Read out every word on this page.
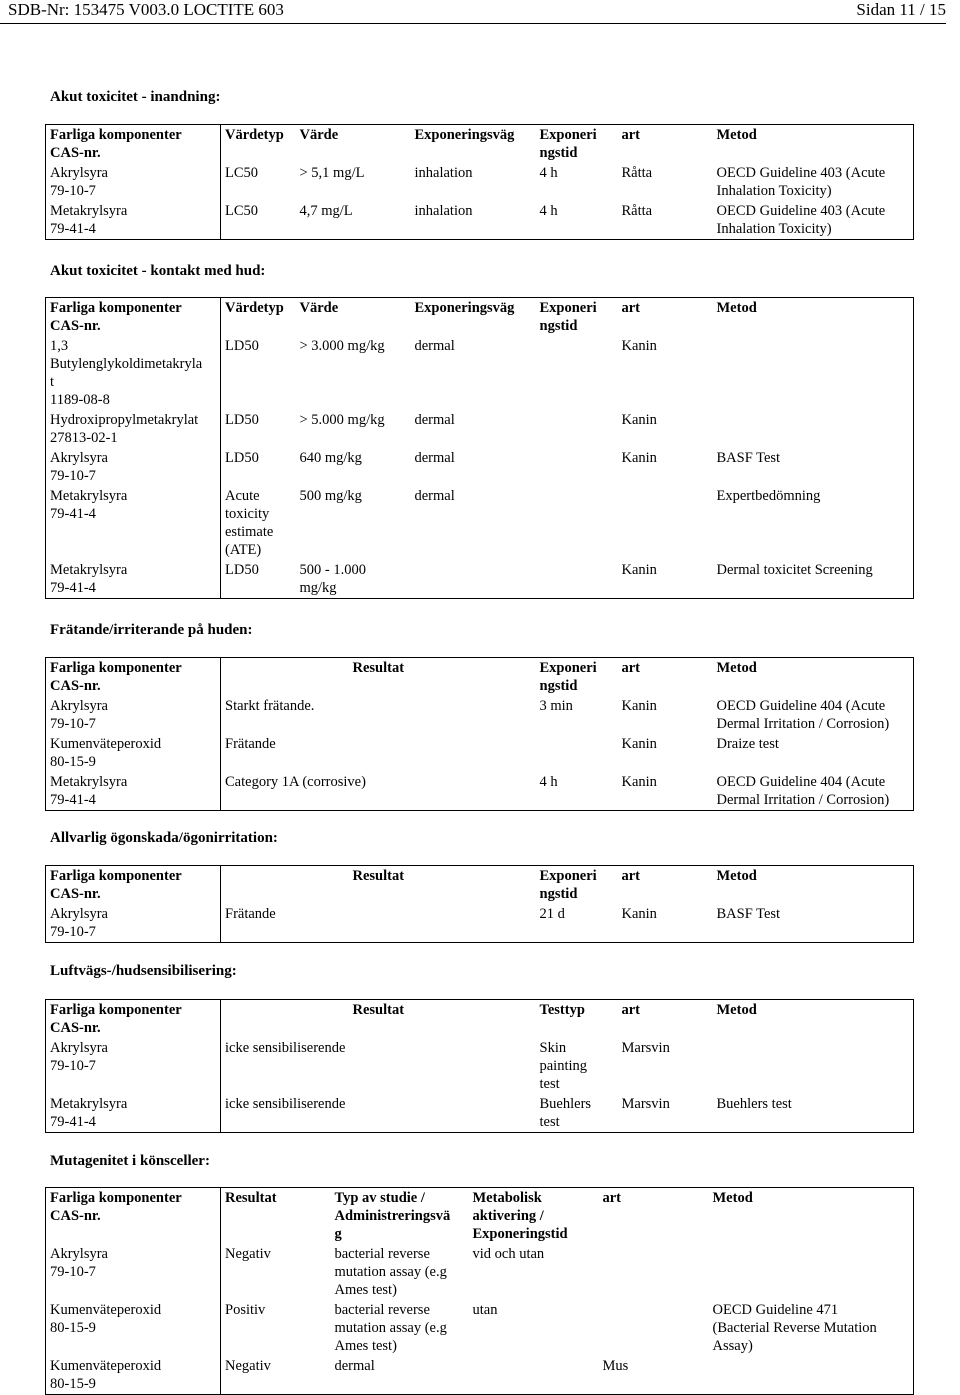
SDB-Nr: 153475 V003.0 LOCTITE 603	Sidan 11 / 15
Akut toxicitet - inandning:
Farliga komponenter
CAS-nr.	Värdetyp	Värde	Exponeringsväg	Exponeri
ngstid	art	Metod
Akrylsyra
79-10-7	LC50	> 5,1 mg/L	inhalation	4 h	Råtta	OECD Guideline 403 (Acute
Inhalation Toxicity)
Metakrylsyra
79-41-4	LC50	4,7 mg/L	inhalation	4 h	Råtta	OECD Guideline 403 (Acute
Inhalation Toxicity)
Akut toxicitet - kontakt med hud:
Farliga komponenter
CAS-nr.	Värdetyp	Värde	Exponeringsväg	Exponeri
ngstid	art	Metod
1,3
Butylenglykoldimetakryla
t
1189-08-8	LD50	> 3.000 mg/kg	dermal		Kanin	
Hydroxipropylmetakrylat
27813-02-1	LD50	> 5.000 mg/kg	dermal		Kanin	
Akrylsyra
79-10-7	LD50	640 mg/kg	dermal		Kanin	BASF Test
Metakrylsyra
79-41-4	Acute
toxicity
estimate
(ATE)	500 mg/kg	dermal			Expertbedömning
Metakrylsyra
79-41-4	LD50	500 - 1.000
mg/kg			Kanin	Dermal toxicitet Screening
Frätande/irriterande på huden:
Farliga komponenter
CAS-nr.	Resultat	Exponeri
ngstid	art	Metod
Akrylsyra
79-10-7	Starkt frätande.	3 min	Kanin	OECD Guideline 404 (Acute
Dermal Irritation / Corrosion)
Kumenväteperoxid
80-15-9	Frätande		Kanin	Draize test
Metakrylsyra
79-41-4	Category 1A (corrosive)	4 h	Kanin	OECD Guideline 404 (Acute
Dermal Irritation / Corrosion)
Allvarlig ögonskada/ögonirritation:
Farliga komponenter
CAS-nr.	Resultat	Exponeri
ngstid	art	Metod
Akrylsyra
79-10-7	Frätande	21 d	Kanin	BASF Test
Luftvägs-/hudsensibilisering:
Farliga komponenter
CAS-nr.	Resultat	Testtyp	art	Metod
Akrylsyra
79-10-7	icke sensibiliserende	Skin
painting
test	Marsvin	
Metakrylsyra
79-41-4	icke sensibiliserende	Buehlers
test	Marsvin	Buehlers test
Mutagenitet i könsceller:
Farliga komponenter
CAS-nr.	Resultat	Typ av studie /
Administreringsvä
g	Metabolisk
aktivering /
Exponeringstid	art	Metod
Akrylsyra
79-10-7	Negativ	bacterial reverse
mutation assay (e.g
Ames test)	vid och utan		
Kumenväteperoxid
80-15-9	Positiv	bacterial reverse
mutation assay (e.g
Ames test)	utan		OECD Guideline 471
(Bacterial Reverse Mutation
Assay)
Kumenväteperoxid
80-15-9	Negativ	dermal		Mus	
